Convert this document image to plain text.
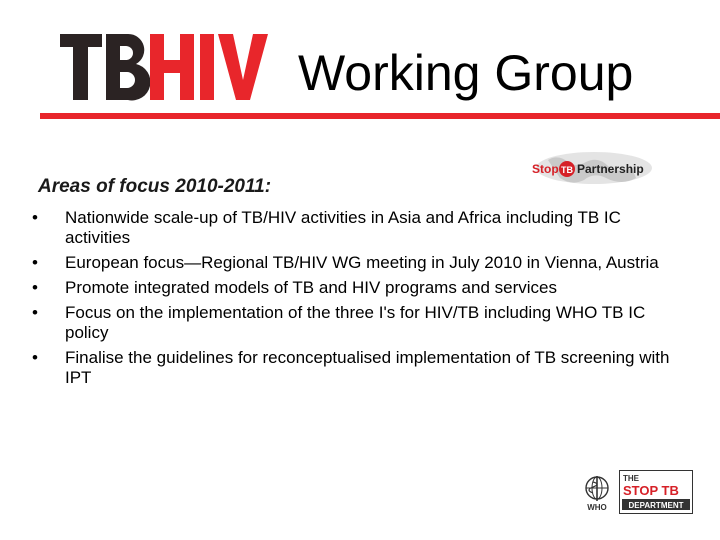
Working Group
Stop TB Partnership
Areas of focus 2010-2011:
• Nationwide scale-up of TB/HIV activities in Asia and Africa including TB IC activities
• European focus—Regional TB/HIV WG meeting in July 2010 in Vienna, Austria
• Promote integrated models of TB and HIV programs and services
• Focus on the implementation of the three I's for HIV/TB including WHO TB IC policy
• Finalise the guidelines for reconceptualised implementation of TB screening with IPT
WHO
THE
STOP TB
DEPARTMENT
